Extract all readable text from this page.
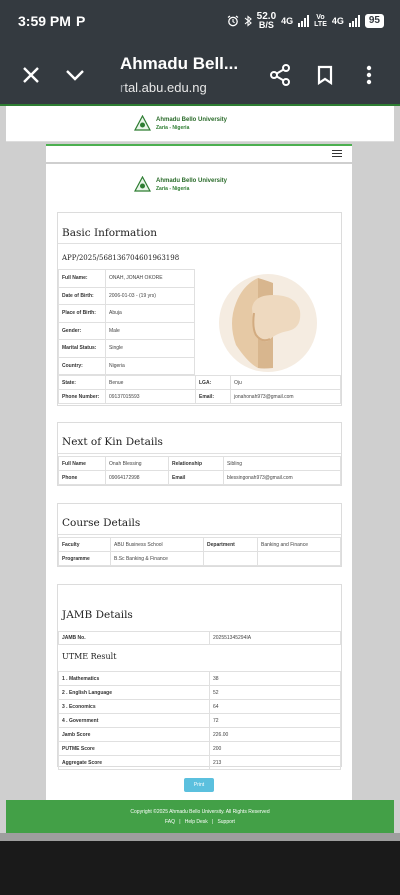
3:59 PM P	52.0
B/S 4G	Vo
LTE 4G	95
Ahmadu Bell...
rtal.abu.edu.ng
Ahmadu Bello University
Zaria - Nigeria
Ahmadu Bello University
Zaria - Nigeria
Basic Information
APP/2025/568136704601963198
Full Name:	ONAH, JONAH OKORE
Date of Birth:	2006-01-03 - (19 yrs)
Place of Birth:	Abuja
Gender:	Male
Marital Status:	Single
Country:	Nigeria
State:	Benue	LGA:	Oju
Phone Number:	09137015593	Email:	jonahonah973@gmail.com
Next of Kin Details
Full Name	Onah Blessing	Relationship	Sibling
Phone	09064172998	Email	blessingonah973@gmail.com
Course Details
Faculty	ABU Business School	Department	Banking and Finance
Programme	B.Sc Banking & Finance		
JAMB Details
JAMB No.	202551345294IA
UTME Result
1 . Mathematics	38
2 . English Language	52
3 . Economics	64
4 . Government	72
Jamb Score	226.00
PUTME Score	200
Aggregate Score	213
Print
Copyright ©2025 Ahmadu Bello University. All Rights Reserved
FAQ | Help Desk | Support
